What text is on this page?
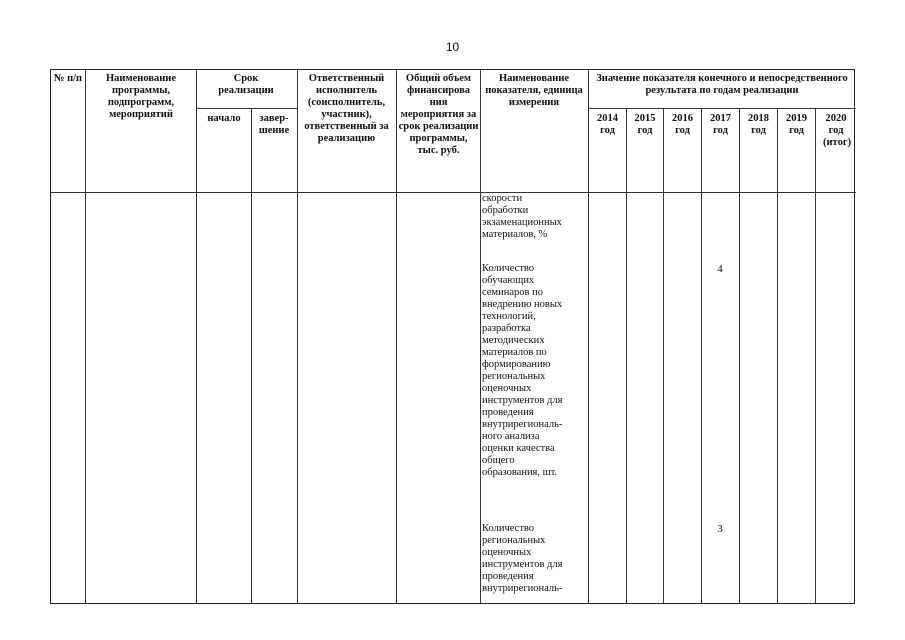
10
№ п/п	Наименование программы, подпрограмм, мероприятий
Срок реализации
начало	завер-шение
Ответственный исполнитель (соисполнитель, участник), ответственный за реализацию
Общий объем финансирова ния мероприятия за срок реализации программы, тыс. руб.
Наименование показателя, единица измерения
Значение показателя конечного и непосредственного результата по годам реализации
2014
год
2015
год
2016
год
2017
год
2018
год
2019
год
2020
год (итог)
скорости
обработки
экзаменационных
материалов, %
Количество
обучающих
семинаров по
внедрению новых
технологий,
разработка
методических
материалов по
формированию
региональных
оценочных
инструментов для
проведения
внутрирегиональ-
ного анализа
оценки качества
общего
образования, шт.
Количество
региональных
оценочных
инструментов для
проведения
внутрирегиональ-
4
3
